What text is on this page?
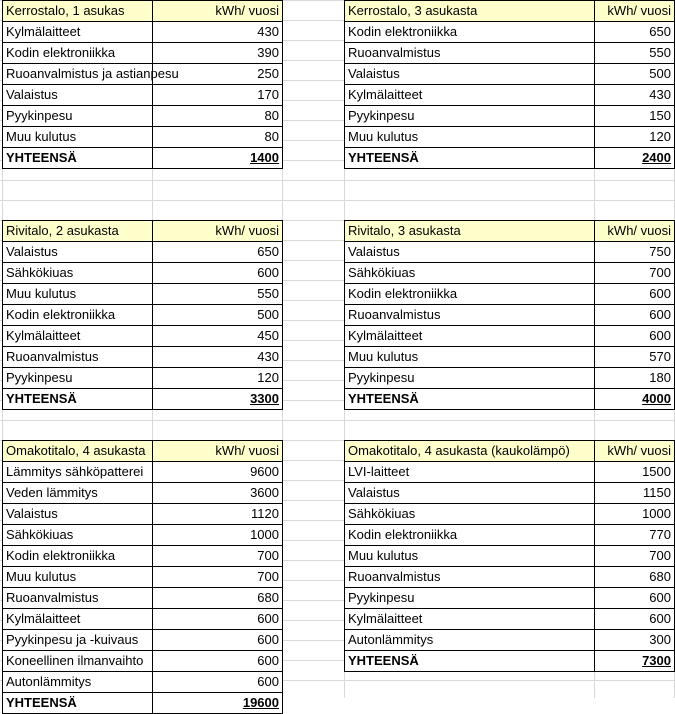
Kerrostalo, 1 asukas	kWh/ vuosi
Kylmälaitteet	430
Kodin elektroniikka	390
Ruoanvalmistus ja astianpesu	250
Valaistus	170
Pyykinpesu	80
Muu kulutus	80
YHTEENSÄ	1400
Kerrostalo, 3 asukasta	kWh/ vuosi
Kodin elektroniikka	650
Ruoanvalmistus	550
Valaistus	500
Kylmälaitteet	430
Pyykinpesu	150
Muu kulutus	120
YHTEENSÄ	2400
Rivitalo, 2 asukasta	kWh/ vuosi
Valaistus	650
Sähkökiuas	600
Muu kulutus	550
Kodin elektroniikka	500
Kylmälaitteet	450
Ruoanvalmistus	430
Pyykinpesu	120
YHTEENSÄ	3300
Rivitalo, 3 asukasta	kWh/ vuosi
Valaistus	750
Sähkökiuas	700
Kodin elektroniikka	600
Ruoanvalmistus	600
Kylmälaitteet	600
Muu kulutus	570
Pyykinpesu	180
YHTEENSÄ	4000
Omakotitalo, 4 asukasta	kWh/ vuosi
Lämmitys sähköpatterei	9600
Veden lämmitys	3600
Valaistus	1120
Sähkökiuas	1000
Kodin elektroniikka	700
Muu kulutus	700
Ruoanvalmistus	680
Kylmälaitteet	600
Pyykinpesu ja -kuivaus	600
Koneellinen ilmanvaihto	600
Autonlämmitys	600
YHTEENSÄ	19600
Omakotitalo, 4 asukasta (kaukolämpö)	kWh/ vuosi
LVI-laitteet	1500
Valaistus	1150
Sähkökiuas	1000
Kodin elektroniikka	770
Muu kulutus	700
Ruoanvalmistus	680
Pyykinpesu	600
Kylmälaitteet	600
Autonlämmitys	300
YHTEENSÄ	7300
